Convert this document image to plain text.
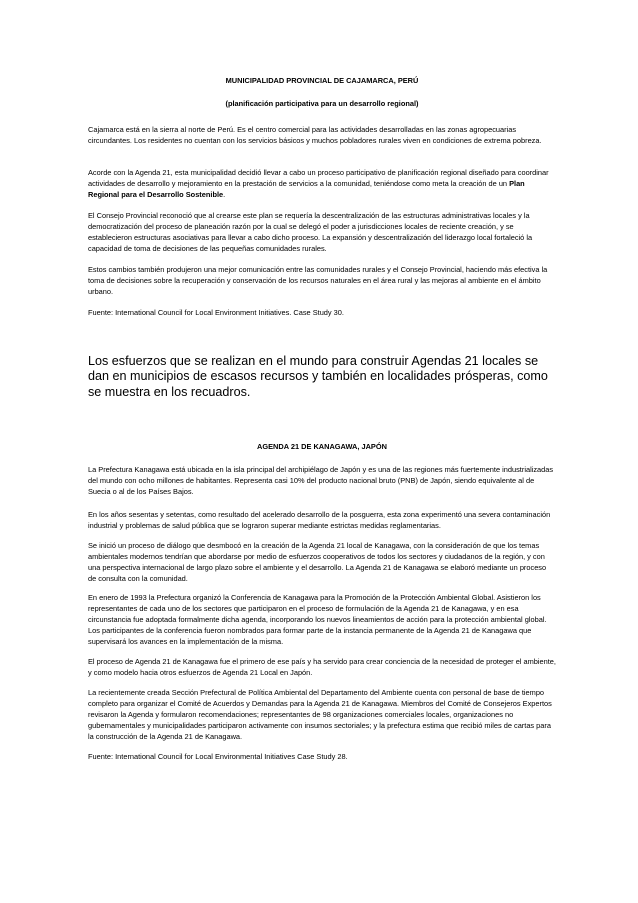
MUNICIPALIDAD PROVINCIAL DE CAJAMARCA, PERÚ

(planificación participativa para un desarrollo regional)

Cajamarca está en la sierra al norte de Perú. Es el centro comercial para las actividades desarrolladas en las zonas agropecuarias circundantes. Los residentes no cuentan con los servicios básicos y muchos pobladores rurales viven en condiciones de extrema pobreza.

Acorde con la Agenda 21, esta municipalidad decidió llevar a cabo un proceso participativo de planificación regional diseñado para coordinar actividades de desarrollo y mejoramiento en la prestación de servicios a la comunidad, teniéndose como meta la creación de un Plan Regional para el Desarrollo Sostenible.

El Consejo Provincial reconoció que al crearse este plan se requería la descentralización de las estructuras administrativas locales y la democratización del proceso de planeación razón por la cual se delegó el poder a jurisdicciones locales de reciente creación, y se establecieron estructuras asociativas para llevar a cabo dicho proceso. La expansión y descentralización del liderazgo local fortaleció la capacidad de toma de decisiones de las pequeñas comunidades rurales.

Estos cambios también produjeron una mejor comunicación entre las comunidades rurales y el Consejo Provincial, haciendo más efectiva la toma de decisiones sobre la recuperación y conservación de los recursos naturales en el área rural y las mejoras al ambiente en el ámbito urbano.

Fuente: International Council for Local Environment Initiatives. Case Study 30.

Los esfuerzos que se realizan en el mundo para construir Agendas 21 locales se dan en municipios de escasos recursos y también en localidades prósperas, como se muestra en los recuadros.

AGENDA 21 DE KANAGAWA, JAPÓN

La Prefectura Kanagawa está ubicada en la isla principal del archipiélago de Japón y es una de las regiones más fuertemente industrializadas del mundo con ocho millones de habitantes. Representa casi 10% del producto nacional bruto (PNB) de Japón, siendo equivalente al de Suecia o al de los Países Bajos.

En los años sesentas y setentas, como resultado del acelerado desarrollo de la posguerra, esta zona experimentó una severa contaminación industrial y problemas de salud pública que se lograron superar mediante estrictas medidas reglamentarias.

Se inició un proceso de diálogo que desmbocó en la creación de la Agenda 21 local de Kanagawa, con la consideración de que los temas ambientales modernos tendrían que abordarse por medio de esfuerzos cooperativos de todos los sectores y ciudadanos de la región, y con una perspectiva internacional de largo plazo sobre el ambiente y el desarrollo. La Agenda 21 de Kanagawa se elaboró mediante un proceso de consulta con la comunidad.

En enero de 1993 la Prefectura organizó la Conferencia de Kanagawa para la Promoción de la Protección Ambiental Global. Asistieron los representantes de cada uno de los sectores que participaron en el proceso de formulación de la Agenda 21 de Kanagawa, y en esa circunstancia fue adoptada formalmente dicha agenda, incorporando los nuevos lineamientos de acción para la protección ambiental global. Los participantes de la conferencia fueron nombrados para formar parte de la instancia permanente de la Agenda 21 de Kanagawa que supervisará los avances en la implementación de la misma.

El proceso de Agenda 21 de Kanagawa fue el primero de ese país y ha servido para crear conciencia de la necesidad de proteger el ambiente, y como modelo hacia otros esfuerzos de Agenda 21 Local en Japón.

La recientemente creada Sección Prefectural de Política Ambiental del Departamento del Ambiente cuenta con personal de base de tiempo completo para organizar el Comité de Acuerdos y Demandas para la Agenda 21 de Kanagawa. Miembros del Comité de Consejeros Expertos revisaron la Agenda y formularon recomendaciones; representantes de 98 organizaciones comerciales locales, organizaciones no gubernamentales y municipalidades participaron activamente con insumos sectoriales; y la prefectura estima que recibió miles de cartas para la construcción de la Agenda 21 de Kanagawa.

Fuente: International Council for Local Environmental Initiatives Case Study 28.
